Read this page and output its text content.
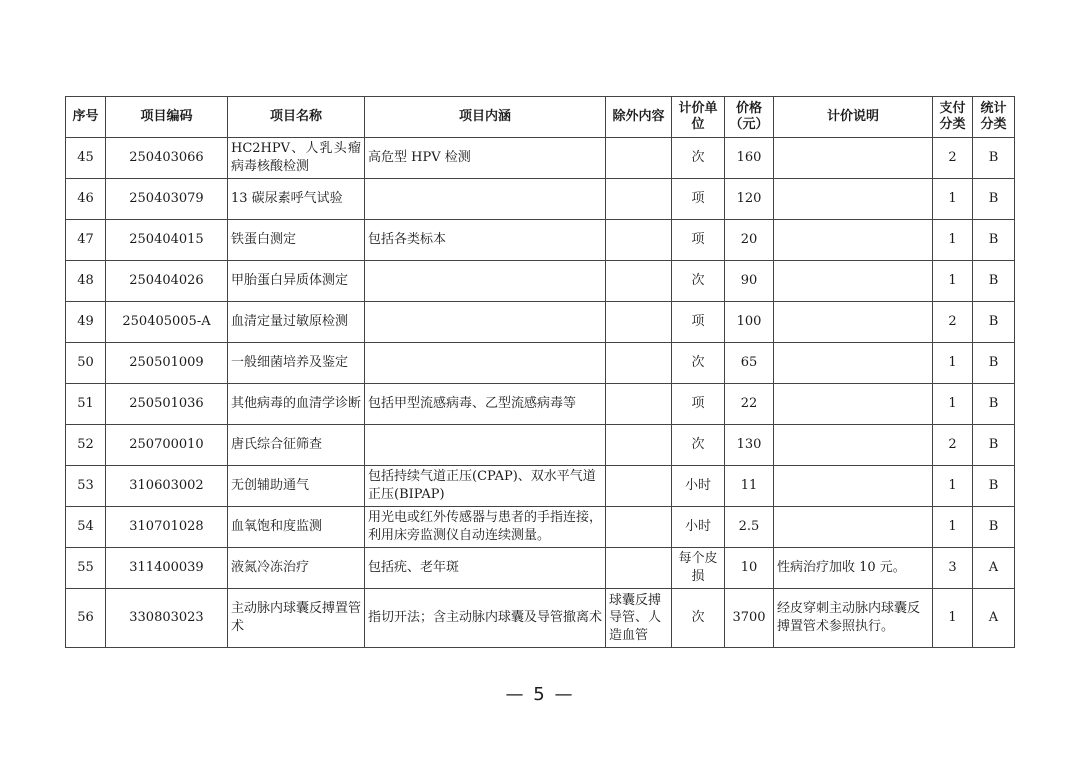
序号	项目编码	项目名称	项目内涵	除外内容	计价单位	价格（元）	计价说明	支付分类	统计分类
45	250403066	HC2HPV、人乳头瘤病毒核酸检测	高危型 HPV 检测		次	160		2	B
46	250403079	13 碳尿素呼气试验			项	120		1	B
47	250404015	铁蛋白测定	包括各类标本		项	20		1	B
48	250404026	甲胎蛋白异质体测定			次	90		1	B
49	250405005-A	血清定量过敏原检测			项	100		2	B
50	250501009	一般细菌培养及鉴定			次	65		1	B
51	250501036	其他病毒的血清学诊断	包括甲型流感病毒、乙型流感病毒等		项	22		1	B
52	250700010	唐氏综合征筛查			次	130		2	B
53	310603002	无创辅助通气	包括持续气道正压(CPAP)、双水平气道正压(BIPAP)		小时	11		1	B
54	310701028	血氧饱和度监测	用光电或红外传感器与患者的手指连接，利用床旁监测仪自动连续测量。		小时	2.5		1	B
55	311400039	液氮冷冻治疗	包括疣、老年斑		每个皮损	10	性病治疗加收 10 元。	3	A
56	330803023	主动脉内球囊反搏置管术	指切开法；含主动脉内球囊及导管撤离术	球囊反搏导管、人造血管	次	3700	经皮穿刺主动脉内球囊反搏置管术参照执行。	1	A
— 5 —
